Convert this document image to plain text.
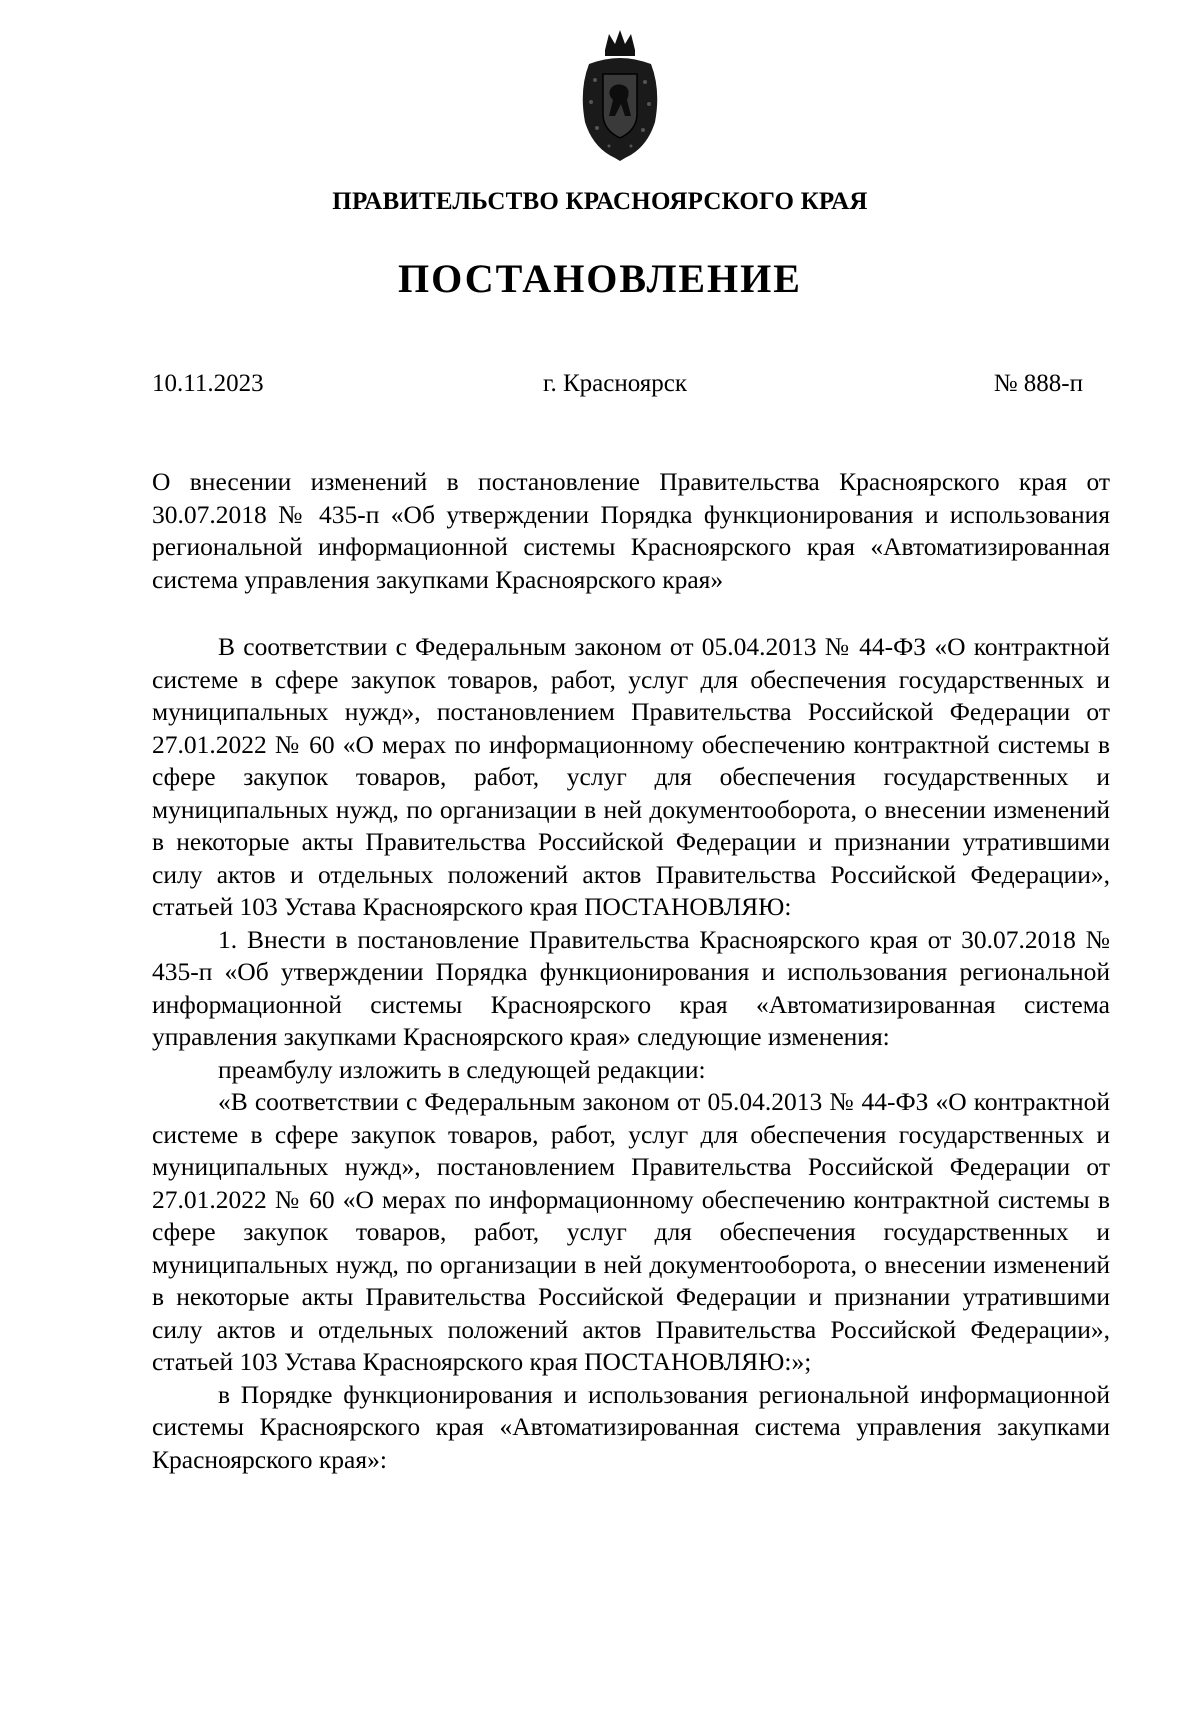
ПРАВИТЕЛЬСТВО КРАСНОЯРСКОГО КРАЯ
ПОСТАНОВЛЕНИЕ
10.11.2023	г. Красноярск	№ 888-п

О внесении изменений в постановление Правительства Красноярского края от 30.07.2018 № 435-п «Об утверждении Порядка функционирования и использования региональной информационной системы Красноярского края «Автоматизированная система управления закупками Красноярского края»

В соответствии с Федеральным законом от 05.04.2013 № 44-ФЗ «О контрактной системе в сфере закупок товаров, работ, услуг для обеспечения государственных и муниципальных нужд», постановлением Правительства Российской Федерации от 27.01.2022 № 60 «О мерах по информационному обеспечению контрактной системы в сфере закупок товаров, работ, услуг для обеспечения государственных и муниципальных нужд, по организации в ней документооборота, о внесении изменений в некоторые акты Правительства Российской Федерации и признании утратившими силу актов и отдельных положений актов Правительства Российской Федерации», статьей 103 Устава Красноярского края ПОСТАНОВЛЯЮ:

1. Внести в постановление Правительства Красноярского края от 30.07.2018 № 435-п «Об утверждении Порядка функционирования и использования региональной информационной системы Красноярского края «Автоматизированная система управления закупками Красноярского края» следующие изменения:

преамбулу изложить в следующей редакции:

«В соответствии с Федеральным законом от 05.04.2013 № 44-ФЗ «О контрактной системе в сфере закупок товаров, работ, услуг для обеспечения государственных и муниципальных нужд», постановлением Правительства Российской Федерации от 27.01.2022 № 60 «О мерах по информационному обеспечению контрактной системы в сфере закупок товаров, работ, услуг для обеспечения государственных и муниципальных нужд, по организации в ней документооборота, о внесении изменений в некоторые акты Правительства Российской Федерации и признании утратившими силу актов и отдельных положений актов Правительства Российской Федерации», статьей 103 Устава Красноярского края ПОСТАНОВЛЯЮ:»;

в Порядке функционирования и использования региональной информационной системы Красноярского края «Автоматизированная система управления закупками Красноярского края»:
